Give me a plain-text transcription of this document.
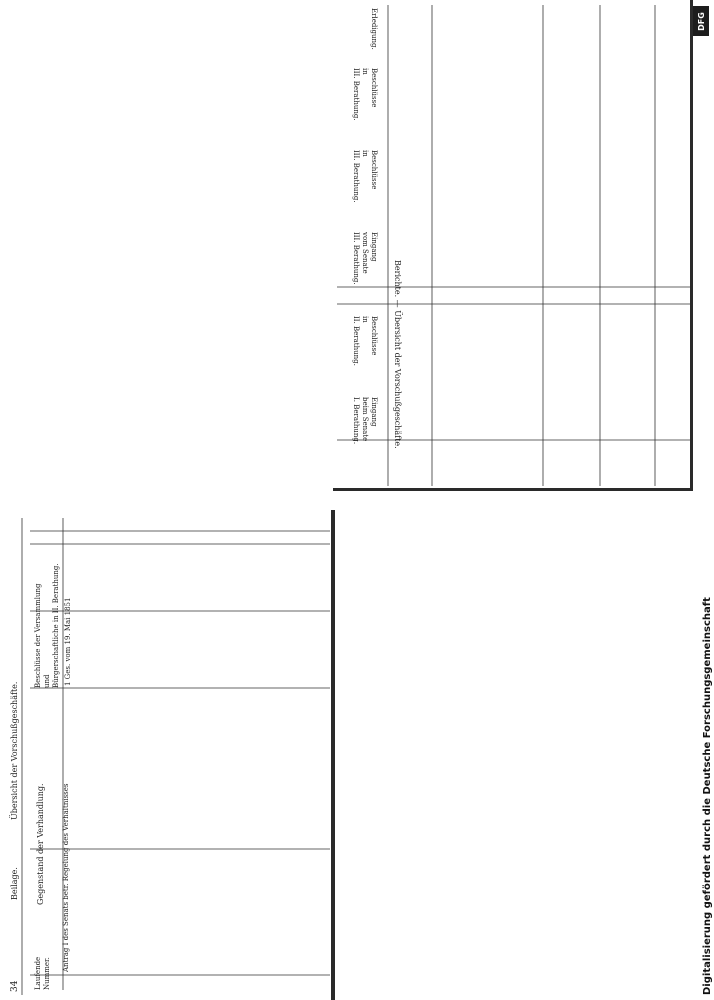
Berichte. — Übersicht der Vorschußgeschäfte.
Eingang
beim Senate
I. Berathung.
Beschlüsse
in
II. Berathung.
Eingang
vom Senate
III. Berathung.
Beschlüsse
in
III. Berathung.
Beschlüsse
in
III. Berathung.
Erledigung.
34
Beilage.
Übersicht der Vorschußgeschäfte.
Laufende
Nummer.
Gegenstand der Verhandlung.
Beschlüsse der Versammlung
und
Bürgerschaftliche in II. Berathung.
Antrag I des Senats betr. Regelung des Verhältnisses
1 Ges. vom 19. Mai 1851	Digitalisierung gefördert durch die Deutsche Forschungsgemeinschaft
DFG
